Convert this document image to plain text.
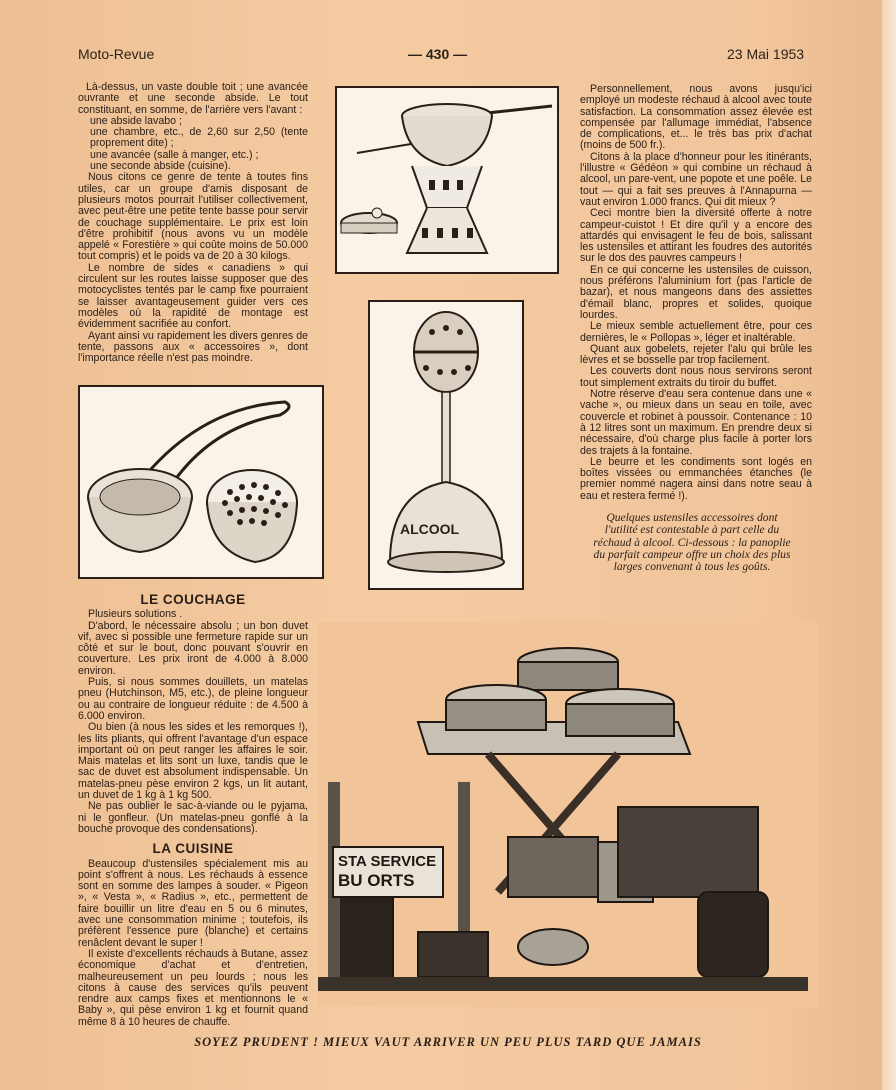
Moto-Revue	— 430 —	23 Mai 1953

Là-dessus, un vaste double toit ; une avancée ouvrante et une seconde abside. Le tout constituant, en somme, de l'arrière vers l'avant :

une abside lavabo ;
une chambre, etc., de 2,60 sur 2,50 (tente proprement dite) ;
une avancée (salle à manger, etc.) ;
une seconde abside (cuisine).

Nous citons ce genre de tente à toutes fins utiles, car un groupe d'amis disposant de plusieurs motos pourrait l'utiliser collectivement, avec peut-être une petite tente basse pour servir de couchage supplémentaire. Le prix est loin d'être prohibitif (nous avons vu un modèle appelé « Forestière » qui coûte moins de 50.000 tout compris) et le poids va de 20 à 30 kilogs.

Le nombre de sides « canadiens » qui circulent sur les routes laisse supposer que des motocyclistes tentés par le camp fixe pourraient se laisser avantageusement guider vers ces modèles où la rapidité de montage est évidemment sacrifiée au confort.

Ayant ainsi vu rapidement les divers genres de tente, passons aux « accessoires », dont l'importance réelle n'est pas moindre.

LE COUCHAGE

Plusieurs solutions .

D'abord, le nécessaire absolu ; un bon duvet vif, avec si possible une fermeture rapide sur un côté et sur le bout, donc pouvant s'ouvrir en couverture. Les prix iront de 4.000 à 8.000 environ.

Puis, si nous sommes douillets, un matelas pneu (Hutchinson, M5, etc.), de pleine longueur ou au contraire de longueur réduite : de 4.500 à 6.000 environ.

Ou bien (à nous les sides et les remorques !), les lits pliants, qui offrent l'avantage d'un espace important où on peut ranger les affaires le soir. Mais matelas et lits sont un luxe, tandis que le sac de duvet est absolument indispensable. Un matelas-pneu pèse environ 2 kgs, un lit autant, un duvet de 1 kg à 1 kg 500.

Ne pas oublier le sac-à-viande ou le pyjama, ni le gonfleur. (Un matelas-pneu gonflé à la bouche provoque des condensations).

LA CUISINE

Beaucoup d'ustensiles spécialement mis au point s'offrent à nous. Les réchauds à essence sont en somme des lampes à souder. « Pigeon », « Vesta », « Radius », etc., permettent de faire bouillir un litre d'eau en 5 ou 6 minutes, avec une consommation minime ; toutefois, ils préfèrent l'essence pure (blanche) et certains renâclent devant le super !

Il existe d'excellents réchauds à Butane, assez économique d'achat et d'entretien, malheureusement un peu lourds ; nous les citons à cause des services qu'ils peuvent rendre aux camps fixes et mentionnons le « Baby », qui pèse environ 1 kg et fournit quand même 8 à 10 heures de chauffe.

ALCOOL

Personnellement, nous avons jusqu'ici employé un modeste réchaud à alcool avec toute satisfaction. La consommation assez élevée est compensée par l'allumage immédiat, l'absence de complications, et... le très bas prix d'achat (moins de 500 fr.).

Citons à la place d'honneur pour les itinérants, l'illustre « Gédéon » qui combine un réchaud à alcool, un pare-vent, une popote et une poêle. Le tout — qui a fait ses preuves à l'Annapurna — vaut environ 1.000 francs. Qui dit mieux ?

Ceci montre bien la diversité offerte à notre campeur-cuistot ! Et dire qu'il y a encore des attardés qui envisagent le feu de bois, salissant les ustensiles et attirant les foudres des autorités sur le dos des pauvres campeurs !

En ce qui concerne les ustensiles de cuisson, nous préférons l'aluminium fort (pas l'article de bazar), et nous mangeons dans des assiettes d'émail blanc, propres et solides, quoique lourdes.

Le mieux semble actuellement être, pour ces dernières, le « Pollopas », léger et inaltérable.

Quant aux gobelets, rejeter l'alu qui brûle les lèvres et se bosselle par trop facilement.

Les couverts dont nous nous servirons seront tout simplement extraits du tiroir du buffet.

Notre réserve d'eau sera contenue dans une « vache », ou mieux dans un seau en toile, avec couvercle et robinet à poussoir. Contenance : 10 à 12 litres sont un maximum. En prendre deux si nécessaire, d'où charge plus facile à porter lors des trajets à la fontaine.

Le beurre et les condiments sont logés en boîtes vissées ou emmanchées étanches (le premier nommé nagera ainsi dans notre seau à eau et restera fermé !).

Quelques ustensiles accessoires dont l'utilité est contestable à part celle du réchaud à alcool. Ci-dessous : la panoplie du parfait campeur offre un choix des plus larges convenant à tous les goûts.
STA SERVICE
BU ORTS
SOYEZ PRUDENT ! MIEUX VAUT ARRIVER UN PEU PLUS TARD QUE JAMAIS
